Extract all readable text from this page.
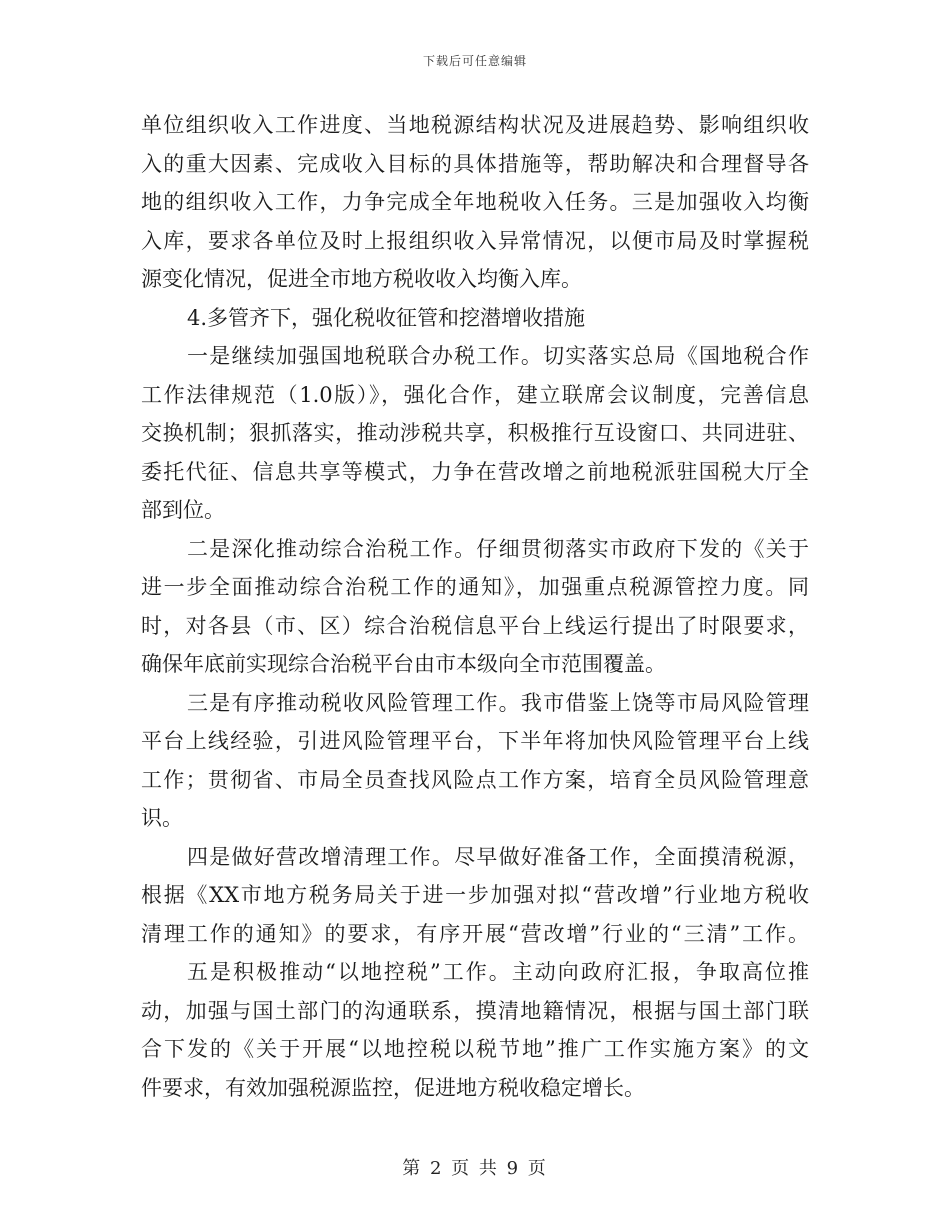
下载后可任意编辑
单位组织收入工作进度、当地税源结构状况及进展趋势、影响组织收
入的重大因素、完成收入目标的具体措施等，帮助解决和合理督导各
地的组织收入工作，力争完成全年地税收入任务。三是加强收入均衡
入库，要求各单位及时上报组织收入异常情况，以便市局及时掌握税
源变化情况，促进全市地方税收收入均衡入库。
4.多管齐下，强化税收征管和挖潜增收措施
一是继续加强国地税联合办税工作。切实落实总局《国地税合作
工作法律规范（1.0版）》，强化合作，建立联席会议制度，完善信息
交换机制；狠抓落实，推动涉税共享，积极推行互设窗口、共同进驻、
委托代征、信息共享等模式，力争在营改增之前地税派驻国税大厅全
部到位。
二是深化推动综合治税工作。仔细贯彻落实市政府下发的《关于
进一步全面推动综合治税工作的通知》，加强重点税源管控力度。同
时，对各县（市、区）综合治税信息平台上线运行提出了时限要求，
确保年底前实现综合治税平台由市本级向全市范围覆盖。
三是有序推动税收风险管理工作。我市借鉴上饶等市局风险管理
平台上线经验，引进风险管理平台，下半年将加快风险管理平台上线
工作；贯彻省、市局全员查找风险点工作方案，培育全员风险管理意
识。
四是做好营改增清理工作。尽早做好准备工作，全面摸清税源，
根据《XX市地方税务局关于进一步加强对拟“营改增”行业地方税收
清理工作的通知》的要求，有序开展“营改增”行业的“三清”工作。
五是积极推动“以地控税”工作。主动向政府汇报，争取高位推
动，加强与国土部门的沟通联系，摸清地籍情况，根据与国土部门联
合下发的《关于开展“以地控税以税节地”推广工作实施方案》的文
件要求，有效加强税源监控，促进地方税收稳定增长。
第 2 页 共 9 页
